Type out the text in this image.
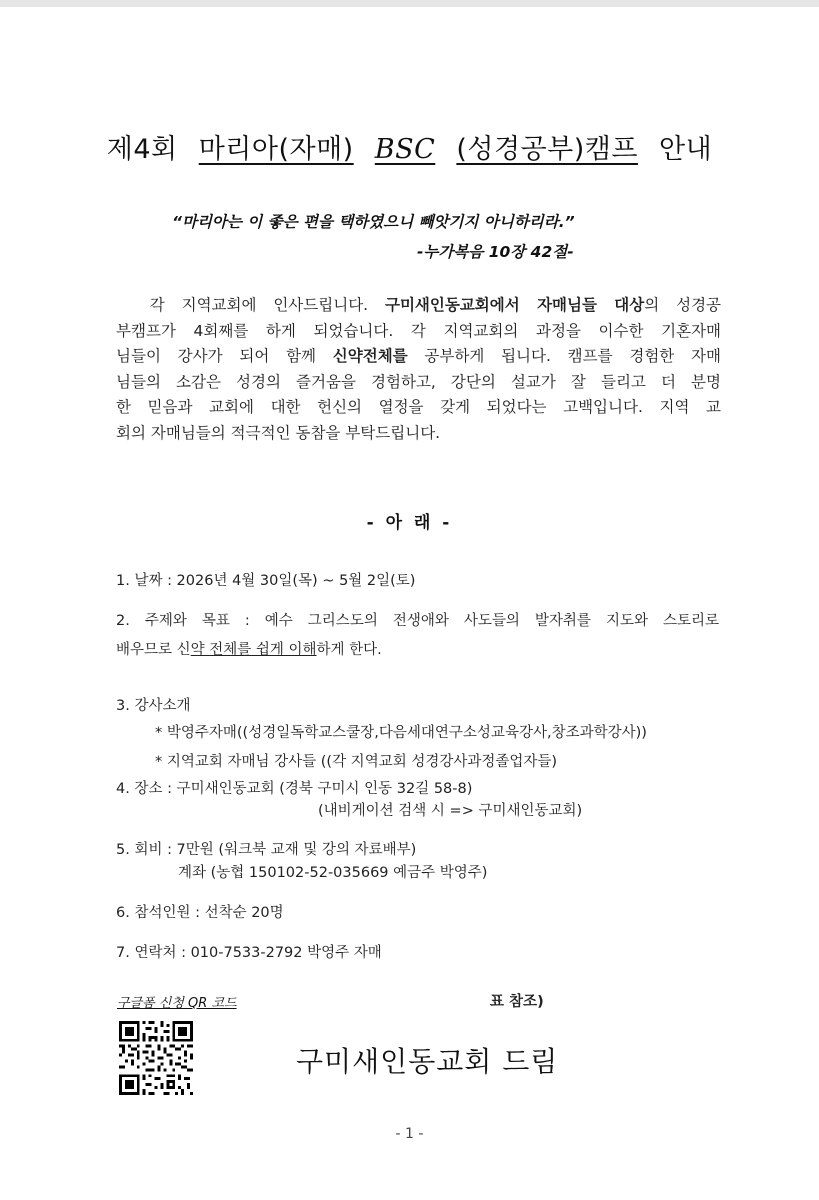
제4회 마리아(자매) BSC (성경공부)캠프 안내
“마리아는 이 좋은 편을 택하였으니 빼앗기지 아니하리라.”
-누가복음 10장 42절-
각 지역교회에 인사드립니다. 구미새인동교회에서 자매님들 대상의 성경공
부캠프가 4회째를 하게 되었습니다. 각 지역교회의 과정을 이수한 기혼자매
님들이 강사가 되어 함께 신약전체를 공부하게 됩니다. 캠프를 경험한 자매
님들의 소감은 성경의 즐거움을 경험하고, 강단의 설교가 잘 들리고 더 분명
한 믿음과 교회에 대한 헌신의 열정을 갖게 되었다는 고백입니다. 지역 교
회의 자매님들의 적극적인 동참을 부탁드립니다.
- 아 래 -
1. 날짜 : 2026년 4월 30일(목) ~ 5월 2일(토)
2. 주제와 목표 : 예수 그리스도의 전생애와 사도들의 발자취를 지도와 스토리로
배우므로 신약 전체를 쉽게 이해하게 한다.
3. 강사소개
* 박영주자매((성경일독학교스쿨장,다음세대연구소성교육강사,창조과학강사))
* 지역교회 자매님 강사들 ((각 지역교회 성경강사과정졸업자들)
4. 장소 : 구미새인동교회 (경북 구미시 인동 32길 58-8)
(내비게이션 검색 시 => 구미새인동교회)
5. 회비 : 7만원 (워크북 교재 및 강의 자료배부)
계좌 (농협 150102-52-035669 예금주 박영주)
6. 참석인원 : 선착순 20명
7. 연락처 : 010-7533-2792 박영주 자매
구글폼 신청 QR 코드	표 참조)
구미새인동교회 드림
- 1 -
